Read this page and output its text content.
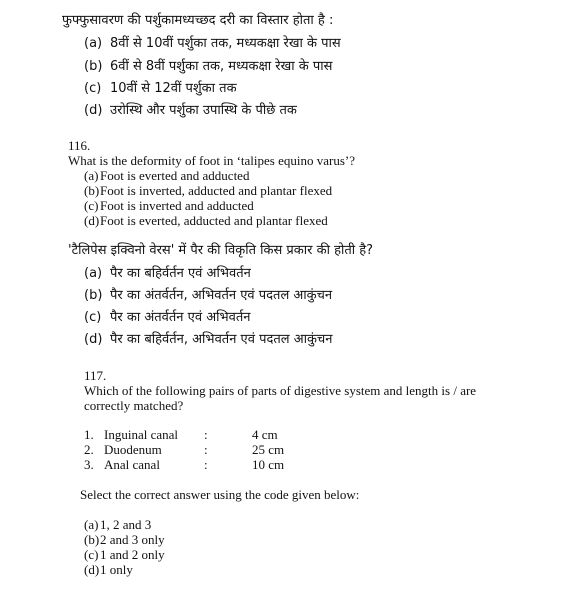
फुफ्फुसावरण की पर्शुकामध्यच्छद दरी का विस्तार होता है :
(a) 8वीं से 10वीं पर्शुका तक, मध्यकक्षा रेखा के पास
(b) 6वीं से 8वीं पर्शुका तक, मध्यकक्षा रेखा के पास
(c) 10वीं से 12वीं पर्शुका तक
(d) उरोस्थि और पर्शुका उपास्थि के पीछे तक
116.
What is the deformity of foot in ‘talipes equino varus’?
(a) Foot is everted and adducted
(b)Foot is inverted, adducted and plantar flexed
(c) Foot is inverted and adducted
(d)Foot is everted, adducted and plantar flexed
'टैलिपेस इक्विनो वेरस' में पैर की विकृति किस प्रकार की होती है?
(a) पैर का बहिर्वर्तन एवं अभिवर्तन
(b) पैर का अंतर्वर्तन, अभिवर्तन एवं पदतल आकुंचन
(c) पैर का अंतर्वर्तन एवं अभिवर्तन
(d) पैर का बहिर्वर्तन, अभिवर्तन एवं पदतल आकुंचन
117.
Which of the following pairs of parts of digestive system and length is / are
correctly matched?
1. Inguinal canal :	4 cm
2. Duodenum	:	25 cm
3. Anal canal	:	10 cm
Select the correct answer using the code given below:
(a) 1, 2 and 3
(b)2 and 3 only
(c) 1 and 2 only
(d)1 only
